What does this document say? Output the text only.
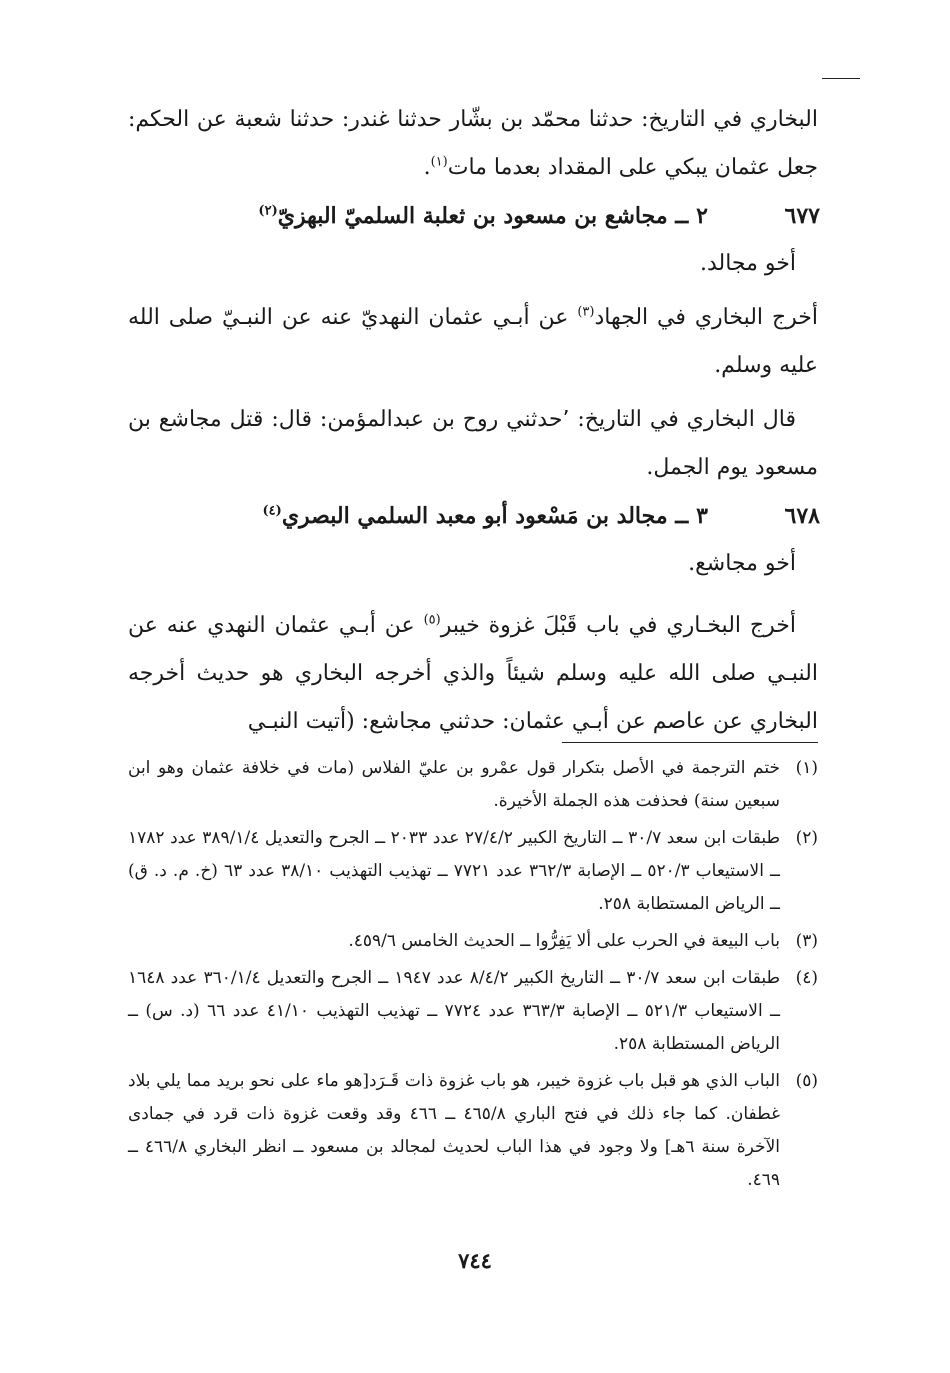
البخاري في التاريخ: حدثنا محمّد بن بشّار حدثنا غندر: حدثنا شعبة عن الحكم: جعل عثمان يبكي على المقداد بعدما مات$^{(١)}$.

٦٧٧
٢ــ مجاشع بن مسعود بن ثعلبة السلميّ البهزيّ$^{(٢)}$

أخو مجالد.

أخرج البخاري في الجهاد$^{(٣)}$ عن أبـي عثمان النهديّ عنه عن النبـيّ صلى الله عليه وسلم.

قال البخاري في التاريخ: ٬حدثني روح بن عبدالمؤمن: قال: قتل مجاشع بن مسعود يوم الجمل.

٦٧٨
٣ــ مجالد بن مَسْعود أبو معبد السلمي البصري$^{(٤)}$

أخو مجاشع.

أخرج البخـاري في باب قَبْلَ غزوة خيبر$^{(٥)}$ عن أبـي عثمان النهدي عنه عن النبـي صلى الله عليه وسلم شيئاً والذي أخرجه البخاري هو حديث أخرجه البخاري عن عاصم عن أبـي عثمان: حدثني مجاشع: (أتيت النبـي

(١)
ختم الترجمة في الأصل بتكرار قول عمْرو بن عليّ الفلاس (مات في خلافة عثمان وهو ابن سبعين سنة) فحذفت هذه الجملة الأخيرة.

(٢)
طبقات ابن سعد ٣٠/٧ ــ التاريخ الكبير ٢٧/٤/٢ عدد ٢٠٣٣ ــ الجرح والتعديل ٣٨٩/١/٤ عدد ١٧٨٢ ــ الاستيعاب ٥٢٠/٣ ــ الإصابة ٣٦٢/٣ عدد ٧٧٢١ ــ تهذيب التهذيب ٣٨/١٠ عدد ٦٣ (خ. م. د. ق) ــ الرياض المستطابة ٢٥٨.

(٣)
باب البيعة في الحرب على ألا يَفِرُّوا ــ الحديث الخامس ٤٥٩/٦.

(٤)
طبقات ابن سعد ٣٠/٧ ــ التاريخ الكبير ٨/٤/٢ عدد ١٩٤٧ ــ الجرح والتعديل ٣٦٠/١/٤ عدد ١٦٤٨ ــ الاستيعاب ٥٢١/٣ ــ الإصابة ٣٦٣/٣ عدد ٧٧٢٤ ــ تهذيب التهذيب ٤١/١٠ عدد ٦٦ (د. س) ــ الرياض المستطابة ٢٥٨.

(٥)
الباب الذي هو قبل باب غزوة خيبر، هو باب غزوة ذات قَـرَد[هو ماء على نحو بريد مما يلي بلاد غطفان. كما جاء ذلك في فتح الباري ٤٦٥/٨ ــ ٤٦٦ وقد وقعت غزوة ذات قرد في جمادى الآخرة سنة ٦هـ] ولا وجود في هذا الباب لحديث لمجالد بن مسعود ــ انظر البخاري ٤٦٦/٨ ــ ٤٦٩.

٧٤٤
